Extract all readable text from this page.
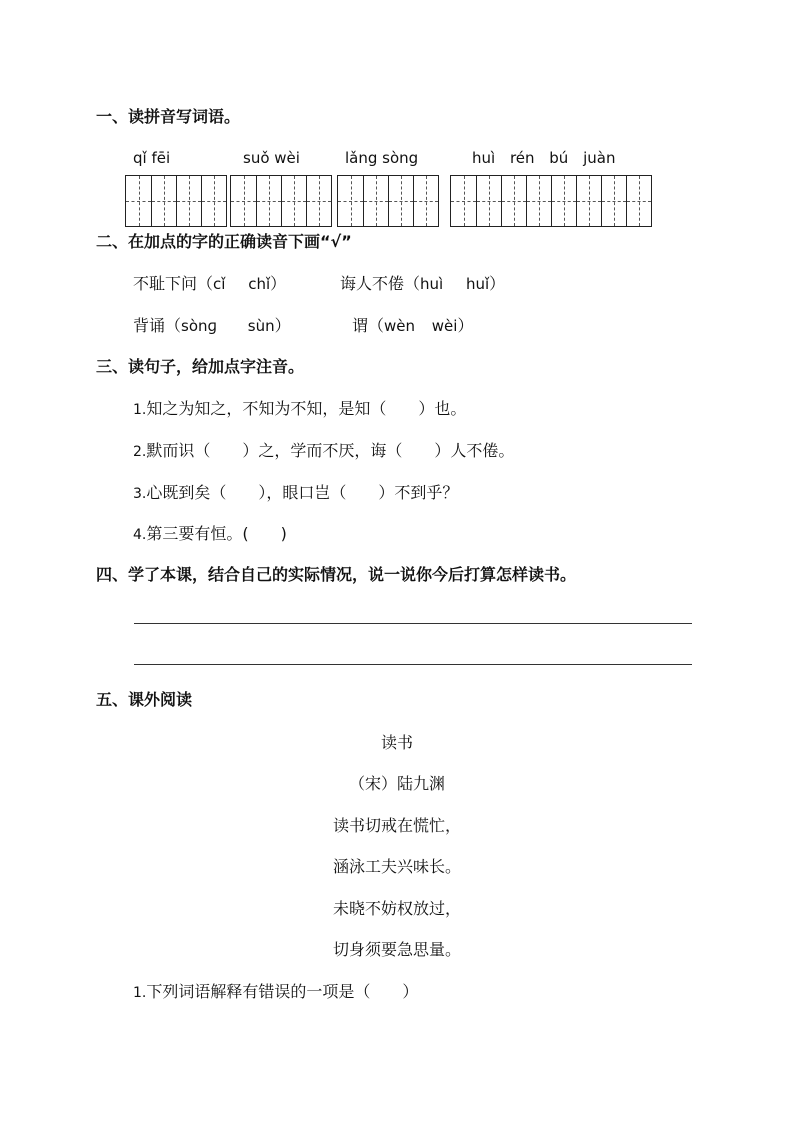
一、读拼音写词语。
qǐ fēi	suǒ wèi	lǎng sòng	huì rén bú juàn
二、在加点的字的正确读音下画“√”
不耻下问（cǐ chǐ）	诲人不倦（huì huǐ）
背诵（sònɡ sùn）	谓（wèn wèi）
三、读句子，给加点字注音。
1.知之为知之，不知为不知，是知（　　）也。
2.默而识（　　）之，学而不厌，诲（　　）人不倦。
3.心既到矣（　　），眼口岂（　　）不到乎？
4.第三要有恒。(　　)
四、学了本课，结合自己的实际情况，说一说你今后打算怎样读书。
五、课外阅读
读书
（宋）陆九渊
读书切戒在慌忙，
涵泳工夫兴味长。
未晓不妨权放过，
切身须要急思量。
1.下列词语解释有错误的一项是（　　）
